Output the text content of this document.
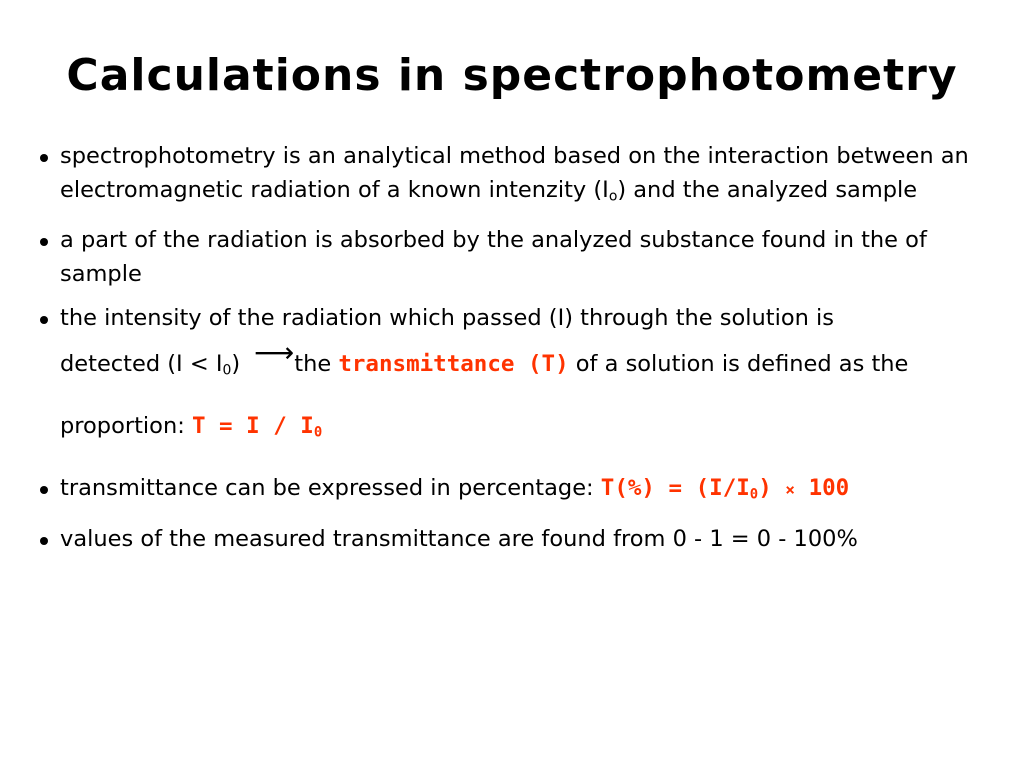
Calculations in spectrophotometry
spectrophotometry is an analytical method based on the interaction between an electromagnetic radiation of a known intenzity $(I_o)$ and the analyzed sample
a part of the radiation is absorbed by the analyzed substance found in the of sample
the intensity of the radiation which passed (I) through the solution is
detected $(I < I_0)$ ⟶the transmittance (T) of a solution is defined as the proportion: $T = I / I_0$
transmittance can be expressed in percentage: $T(\%) = (I/I_0) \times 100$
values of the measured transmittance are found from 0 - 1 = 0 - 100%
